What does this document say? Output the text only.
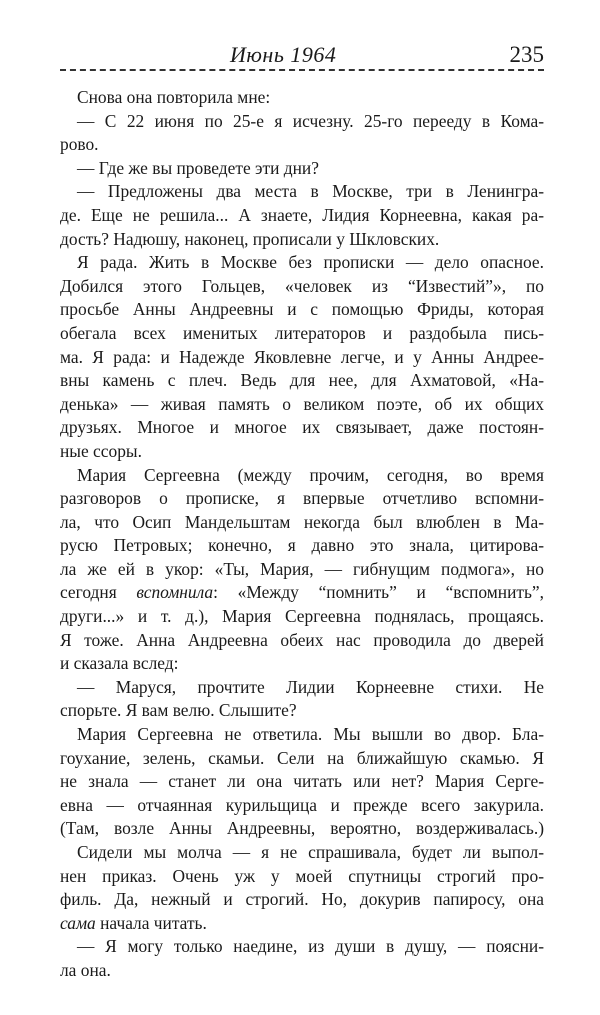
Июнь 1964	235
Снова она повторила мне:
— С 22 июня по 25-е я исчезну. 25-го перееду в Кома-
рово.
— Где же вы проведете эти дни?
— Предложены два места в Москве, три в Ленингра-
де. Еще не решила... А знаете, Лидия Корнеевна, какая ра-
дость? Надюшу, наконец, прописали у Шкловских.
Я рада. Жить в Москве без прописки — дело опасное.
Добился этого Гольцев, «человек из “Известий”», по
просьбе Анны Андреевны и с помощью Фриды, которая
обегала всех именитых литераторов и раздобыла пись-
ма. Я рада: и Надежде Яковлевне легче, и у Анны Андрее-
вны камень с плеч. Ведь для нее, для Ахматовой, «На-
денька» — живая память о великом поэте, об их общих
друзьях. Многое и многое их связывает, даже постоян-
ные ссоры.
Мария Сергеевна (между прочим, сегодня, во время
разговоров о прописке, я впервые отчетливо вспомни-
ла, что Осип Мандельштам некогда был влюблен в Ма-
русю Петровых; конечно, я давно это знала, цитирова-
ла же ей в укор: «Ты, Мария, — гибнущим подмога», но
сегодня вспомнила: «Между “помнить” и “вспомнить”,
други...» и т. д.), Мария Сергеевна поднялась, прощаясь.
Я тоже. Анна Андреевна обеих нас проводила до дверей
и сказала вслед:
— Маруся, прочтите Лидии Корнеевне стихи. Не
спорьте. Я вам велю. Слышите?
Мария Сергеевна не ответила. Мы вышли во двор. Бла-
гоухание, зелень, скамьи. Сели на ближайшую скамью. Я
не знала — станет ли она читать или нет? Мария Серге-
евна — отчаянная курильщица и прежде всего закурила.
(Там, возле Анны Андреевны, вероятно, воздерживалась.)
Сидели мы молча — я не спрашивала, будет ли выпол-
нен приказ. Очень уж у моей спутницы строгий про-
филь. Да, нежный и строгий. Но, докурив папиросу, она
сама начала читать.
— Я могу только наедине, из души в душу, — поясни-
ла она.
